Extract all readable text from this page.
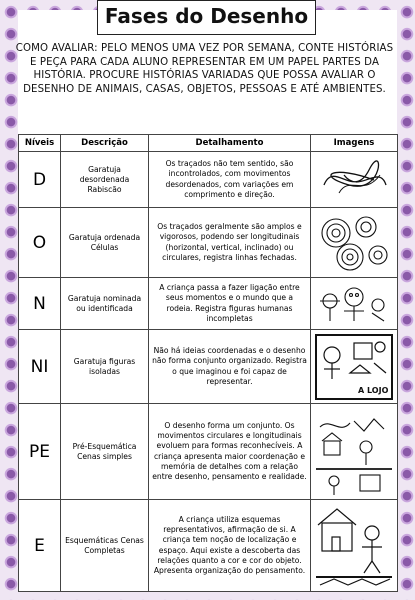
Fases do Desenho
COMO AVALIAR: PELO MENOS UMA VEZ POR SEMANA, CONTE HISTÓRIAS E PEÇA PARA CADA ALUNO REPRESENTAR EM UM PAPEL PARTES DA HISTÓRIA. PROCURE HISTÓRIAS VARIADAS QUE POSSA AVALIAR O DESENHO DE ANIMAIS, CASAS, OBJETOS, PESSOAS E ATÉ AMBIENTES.
Níveis	Descrição	Detalhamento	Imagens
D	Garatuja desordenada Rabiscão	Os traçados não tem sentido, são incontrolados, com movimentos desordenados, com variações em comprimento e direção.	

O	Garatuja ordenada Células	Os traçados geralmente são amplos e vigorosos, podendo ser longitudinais (horizontal, vertical, inclinado) ou circulares, registra linhas fechadas.	

N	Garatuja nominada ou identificada	A criança passa a fazer ligação entre seus momentos e o mundo que a rodeia. Registra figuras humanas incompletas	

NI	Garatuja figuras isoladas	Não há ideias coordenadas e o desenho não forma conjunto organizado. Registra o que imaginou e foi capaz de representar.	A LOJO

PE	Pré-Esquemática Cenas simples	O desenho forma um conjunto. Os movimentos circulares e longitudinais evoluem para formas reconhecíveis. A criança apresenta maior coordenação e memória de detalhes com a relação entre desenho, pensamento e realidade.	

E	Esquemáticas Cenas Completas	A criança utiliza esquemas representativos, afirmação de si. A criança tem noção de localização e espaço. Aqui existe a descoberta das relações quanto a cor e cor do objeto. Apresenta organização do pensamento.	
